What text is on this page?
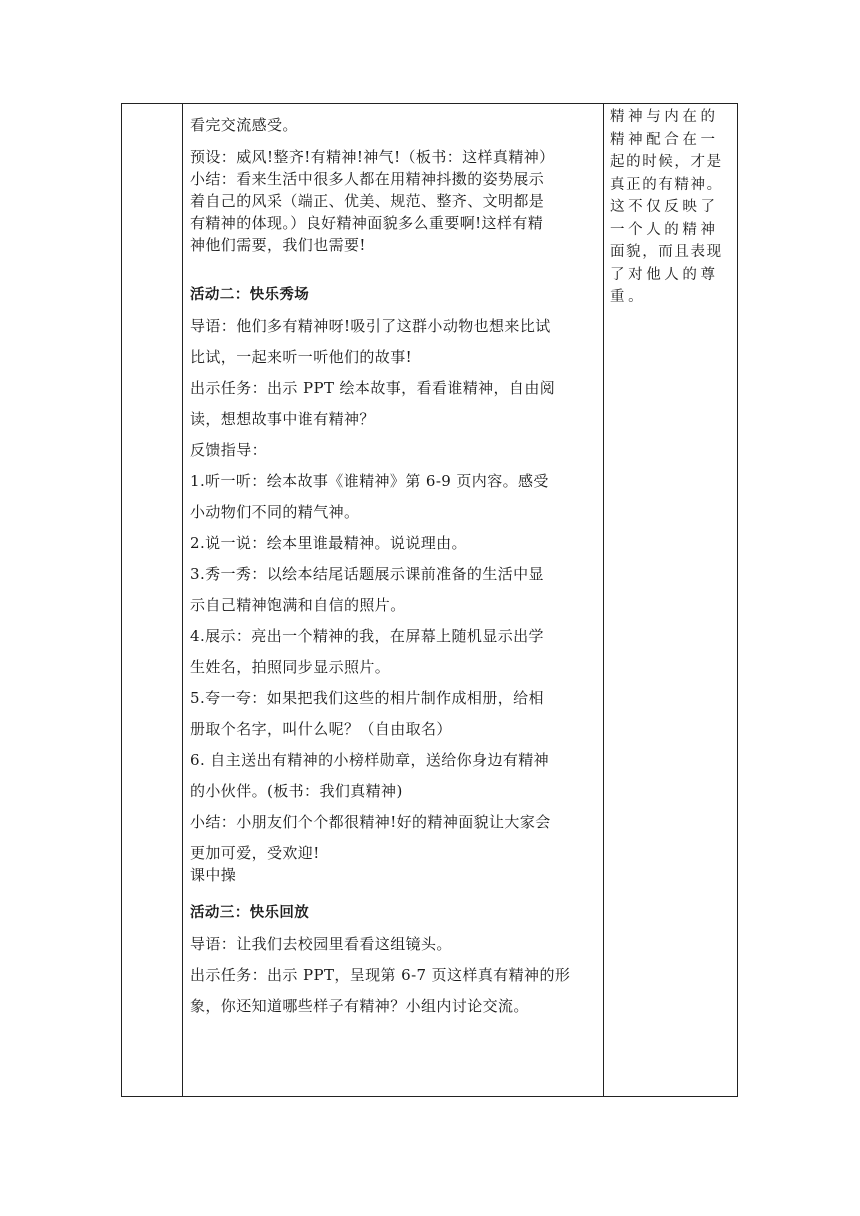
看完交流感受。

预设：威风!整齐!有精神!神气!（板书：这样真精神）

小结：看来生活中很多人都在用精神抖擞的姿势展示

着自己的风采（端正、优美、规范、整齐、文明都是

有精神的体现。）良好精神面貌多么重要啊!这样有精

神他们需要，我们也需要!

活动二：快乐秀场

导语：他们多有精神呀!吸引了这群小动物也想来比试

比试，一起来听一听他们的故事!

出示任务：出示 PPT 绘本故事，看看谁精神，自由阅

读，想想故事中谁有精神？

反馈指导：

1.听一听：绘本故事《谁精神》第 6-9 页内容。感受

小动物们不同的精气神。

2.说一说：绘本里谁最精神。说说理由。

3.秀一秀：以绘本结尾话题展示课前准备的生活中显

示自己精神饱满和自信的照片。

4.展示：亮出一个精神的我，在屏幕上随机显示出学

生姓名，拍照同步显示照片。

5.夸一夸：如果把我们这些的相片制作成相册，给相

册取个名字，叫什么呢？（自由取名）

6. 自主送出有精神的小榜样勋章，送给你身边有精神

的小伙伴。(板书：我们真精神)

小结：小朋友们个个都很精神!好的精神面貌让大家会

更加可爱，受欢迎!

课中操

活动三：快乐回放

导语：让我们去校园里看看这组镜头。

出示任务：出示 PPT，呈现第 6-7 页这样真有精神的形

象，你还知道哪些样子有精神？小组内讨论交流。

精神与内在的

精神配合在一

起的时候，才是

真正的有精神。

这不仅反映了

一个人的精神

面貌，而且表现

了对他人的尊

重。
